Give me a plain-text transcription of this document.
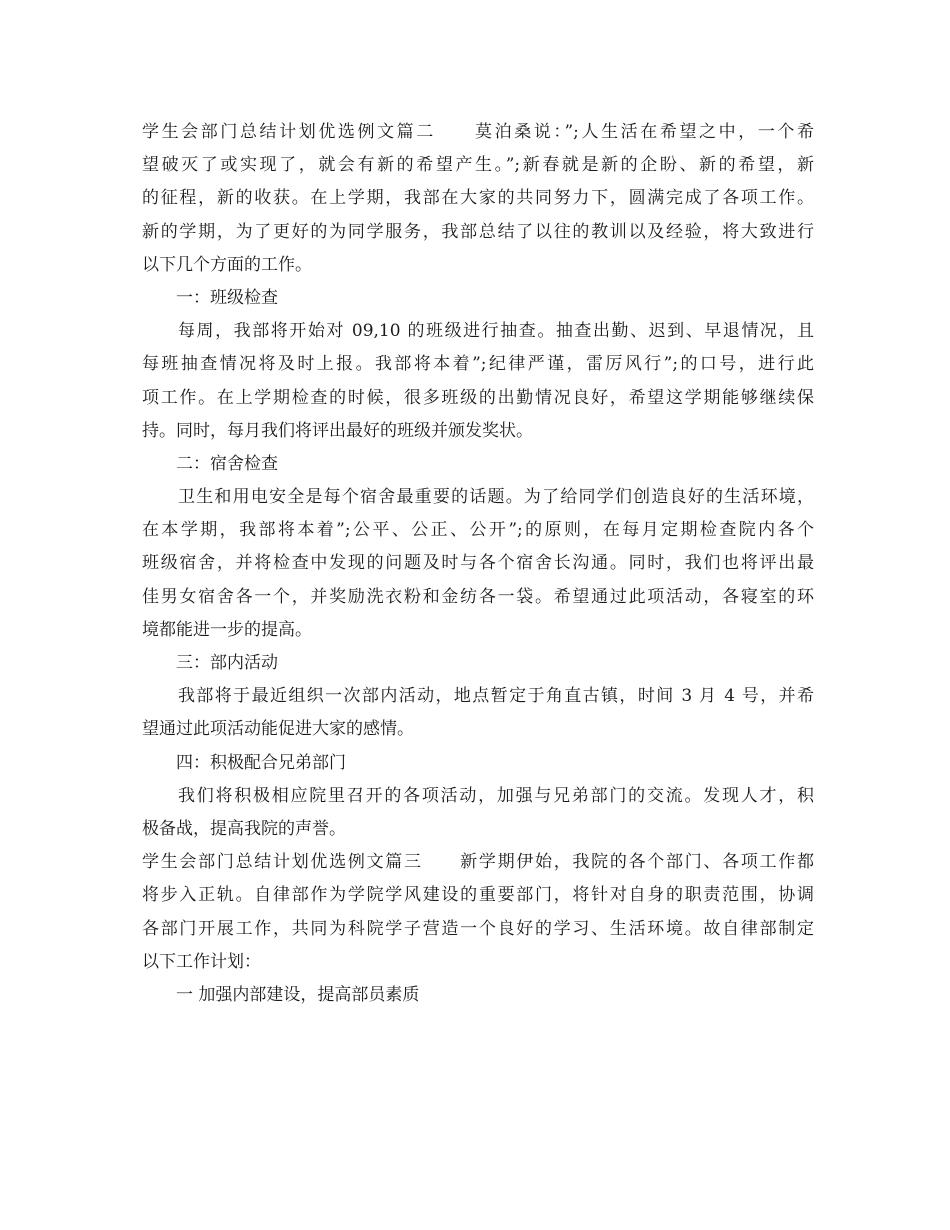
学生会部门总结计划优选例文篇二　　莫泊桑说：”;人生活在希望之中，一个希

望破灭了或实现了，就会有新的希望产生。”;新春就是新的企盼、新的希望，新

的征程，新的收获。在上学期，我部在大家的共同努力下，圆满完成了各项工作。

新的学期，为了更好的为同学服务，我部总结了以往的教训以及经验，将大致进行

以下几个方面的工作。

一：班级检查

每周，我部将开始对 09,10 的班级进行抽查。抽查出勤、迟到、早退情况，且

每班抽查情况将及时上报。我部将本着”;纪律严谨，雷厉风行”;的口号，进行此

项工作。在上学期检查的时候，很多班级的出勤情况良好，希望这学期能够继续保

持。同时，每月我们将评出最好的班级并颁发奖状。

二：宿舍检查

卫生和用电安全是每个宿舍最重要的话题。为了给同学们创造良好的生活环境，

在本学期，我部将本着”;公平、公正、公开”;的原则，在每月定期检查院内各个

班级宿舍，并将检查中发现的问题及时与各个宿舍长沟通。同时，我们也将评出最

佳男女宿舍各一个，并奖励洗衣粉和金纺各一袋。希望通过此项活动，各寝室的环

境都能进一步的提高。

三：部内活动

我部将于最近组织一次部内活动，地点暂定于角直古镇，时间 3 月 4 号，并希

望通过此项活动能促进大家的感情。

四：积极配合兄弟部门

我们将积极相应院里召开的各项活动，加强与兄弟部门的交流。发现人才，积

极备战，提高我院的声誉。

学生会部门总结计划优选例文篇三　　新学期伊始，我院的各个部门、各项工作都

将步入正轨。自律部作为学院学风建设的重要部门，将针对自身的职责范围，协调

各部门开展工作，共同为科院学子营造一个良好的学习、生活环境。故自律部制定

以下工作计划：

一 加强内部建设，提高部员素质
